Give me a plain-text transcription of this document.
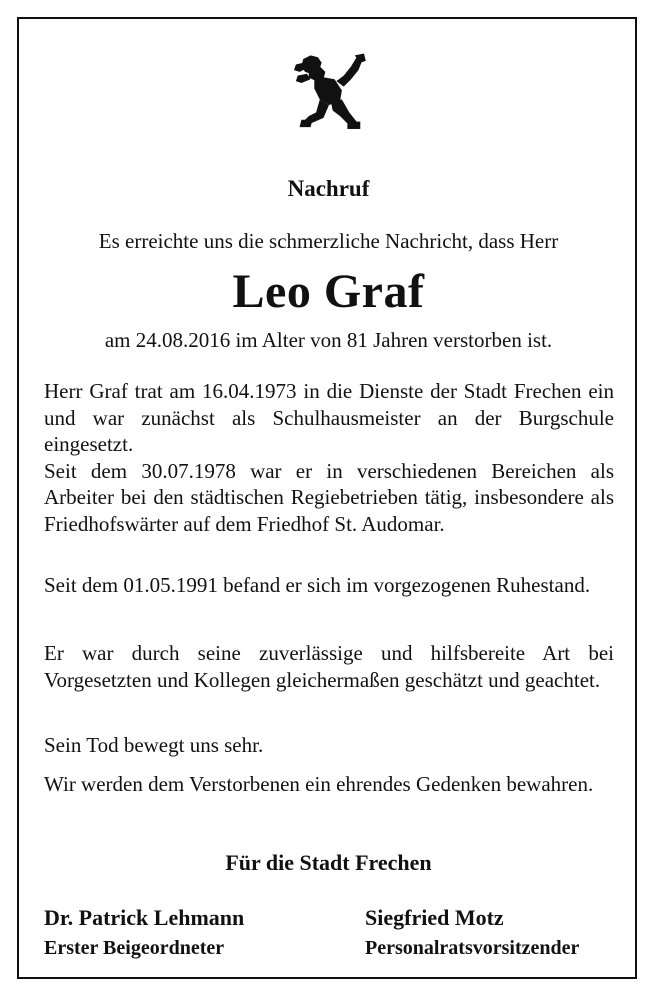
Nachruf
Es erreichte uns die schmerzliche Nachricht, dass Herr
Leo Graf
am 24.08.2016 im Alter von 81 Jahren verstorben ist.

Herr Graf trat am 16.04.1973 in die Dienste der Stadt Frechen ein und war zunächst als Schulhausmeister an der Burgschule eingesetzt.

Seit dem 30.07.1978 war er in verschiedenen Bereichen als Arbeiter bei den städtischen Regiebetrieben tätig, insbesondere als Friedhofswärter auf dem Friedhof St. Audomar.

Seit dem 01.05.1991 befand er sich im vorgezogenen Ruhestand.

Er war durch seine zuverlässige und hilfsbereite Art bei Vorgesetzten und Kollegen gleichermaßen geschätzt und geachtet.

Sein Tod bewegt uns sehr.

Wir werden dem Verstorbenen ein ehrendes Gedenken bewahren.

Für die Stadt Frechen
Dr. Patrick Lehmann
Erster Beigeordneter
Siegfried Motz
Personalratsvorsitzender
